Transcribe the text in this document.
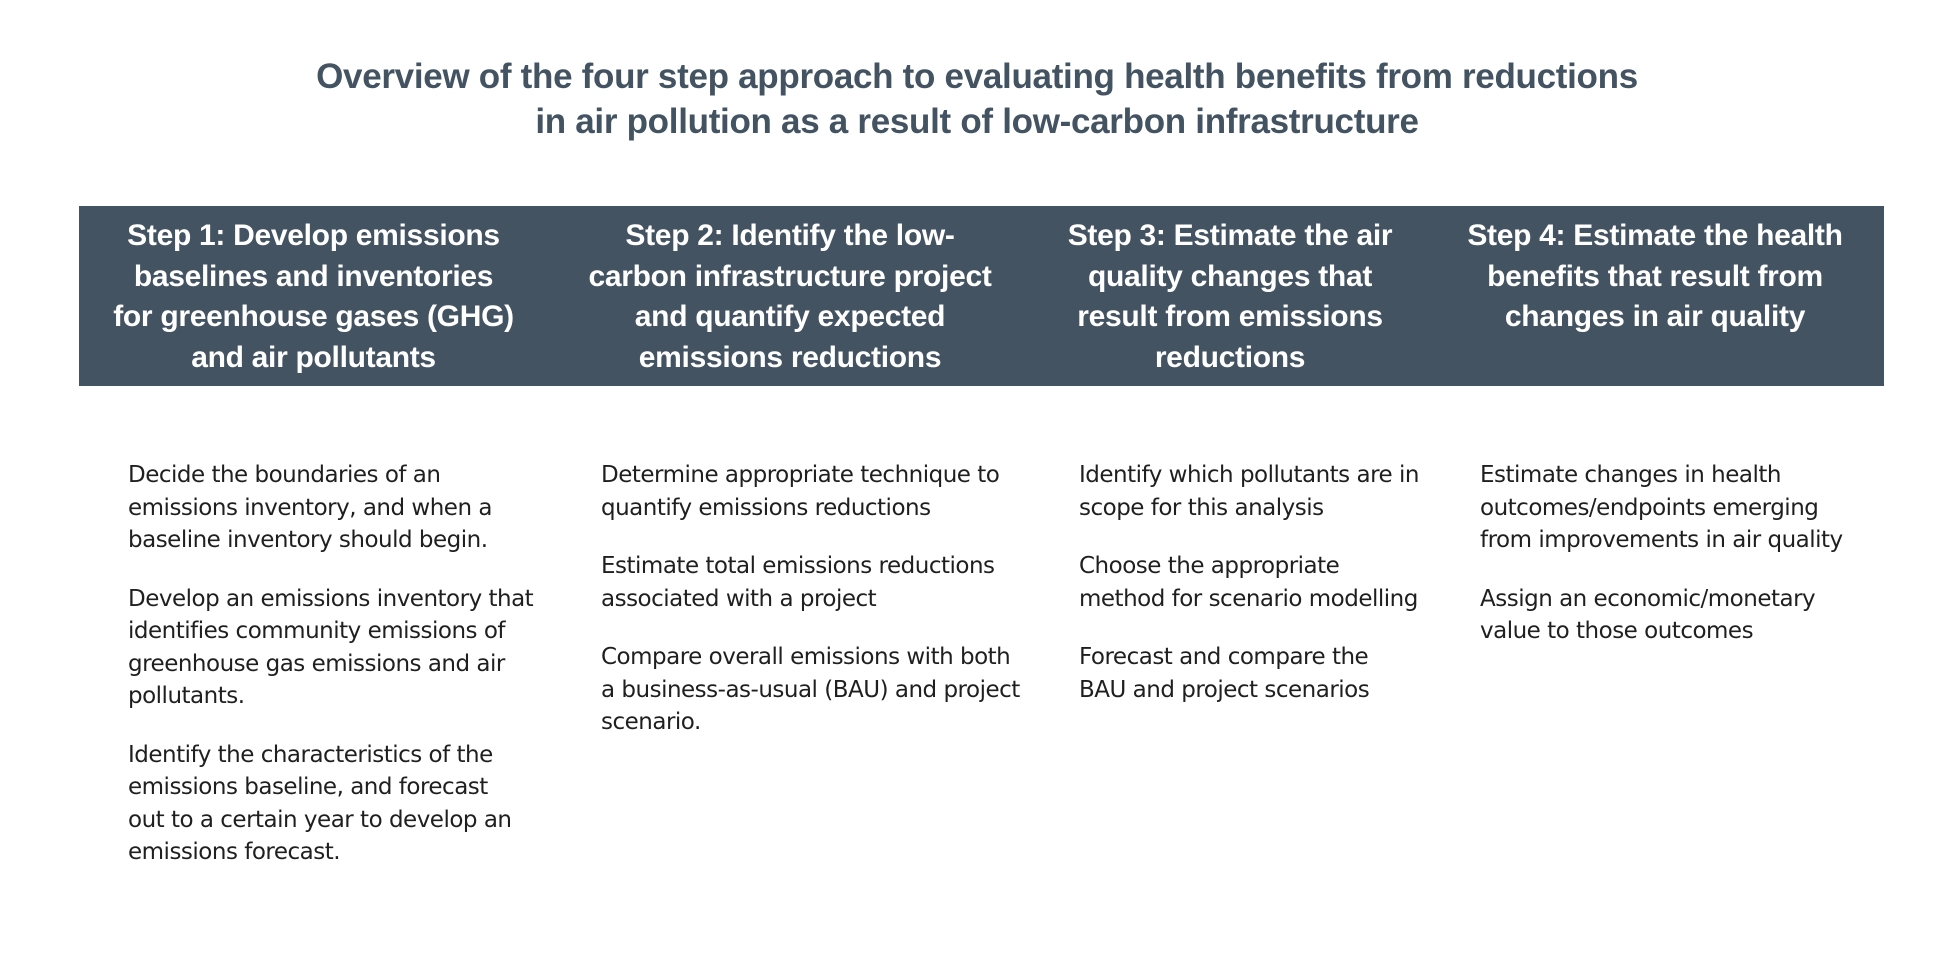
Overview of the four step approach to evaluating health benefits from reductions
in air pollution as a result of low-carbon infrastructure
Step 1: Develop emissions
baselines and inventories
for greenhouse gases (GHG)
and air pollutants
Step 2: Identify the low-
carbon infrastructure project
and quantify expected
emissions reductions
Step 3: Estimate the air
quality changes that
result from emissions
reductions
Step 4: Estimate the health
benefits that result from
changes in air quality
Decide the boundaries of an
emissions inventory, and when a
baseline inventory should begin.
Develop an emissions inventory that
identifies community emissions of
greenhouse gas emissions and air
pollutants.
Identify the characteristics of the
emissions baseline, and forecast
out to a certain year to develop an
emissions forecast.
Determine appropriate technique to
quantify emissions reductions
Estimate total emissions reductions
associated with a project
Compare overall emissions with both
a business-as-usual (BAU) and project
scenario.
Identify which pollutants are in
scope for this analysis
Choose the appropriate
method for scenario modelling
Forecast and compare the
BAU and project scenarios
Estimate changes in health
outcomes/endpoints emerging
from improvements in air quality
Assign an economic/monetary
value to those outcomes
